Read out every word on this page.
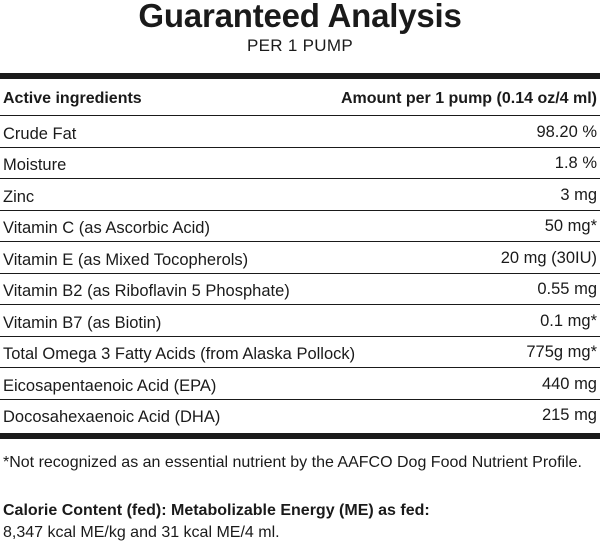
Guaranteed Analysis
PER 1 PUMP
Active ingredients	Amount per 1 pump (0.14 oz/4 ml)
Crude Fat	98.20 %
Moisture	1.8 %
Zinc	3 mg
Vitamin C (as Ascorbic Acid)	50 mg*
Vitamin E (as Mixed Tocopherols)	20 mg (30IU)
Vitamin B2 (as Riboflavin 5 Phosphate)	0.55 mg
Vitamin B7 (as Biotin)	0.1 mg*
Total Omega 3 Fatty Acids (from Alaska Pollock)	775g mg*
Eicosapentaenoic Acid (EPA)	440 mg
Docosahexaenoic Acid (DHA)	215 mg
*Not recognized as an essential nutrient by the AAFCO Dog Food Nutrient Profile.
Calorie Content (fed): Metabolizable Energy (ME) as fed:
8,347 kcal ME/kg and 31 kcal ME/4 ml.
